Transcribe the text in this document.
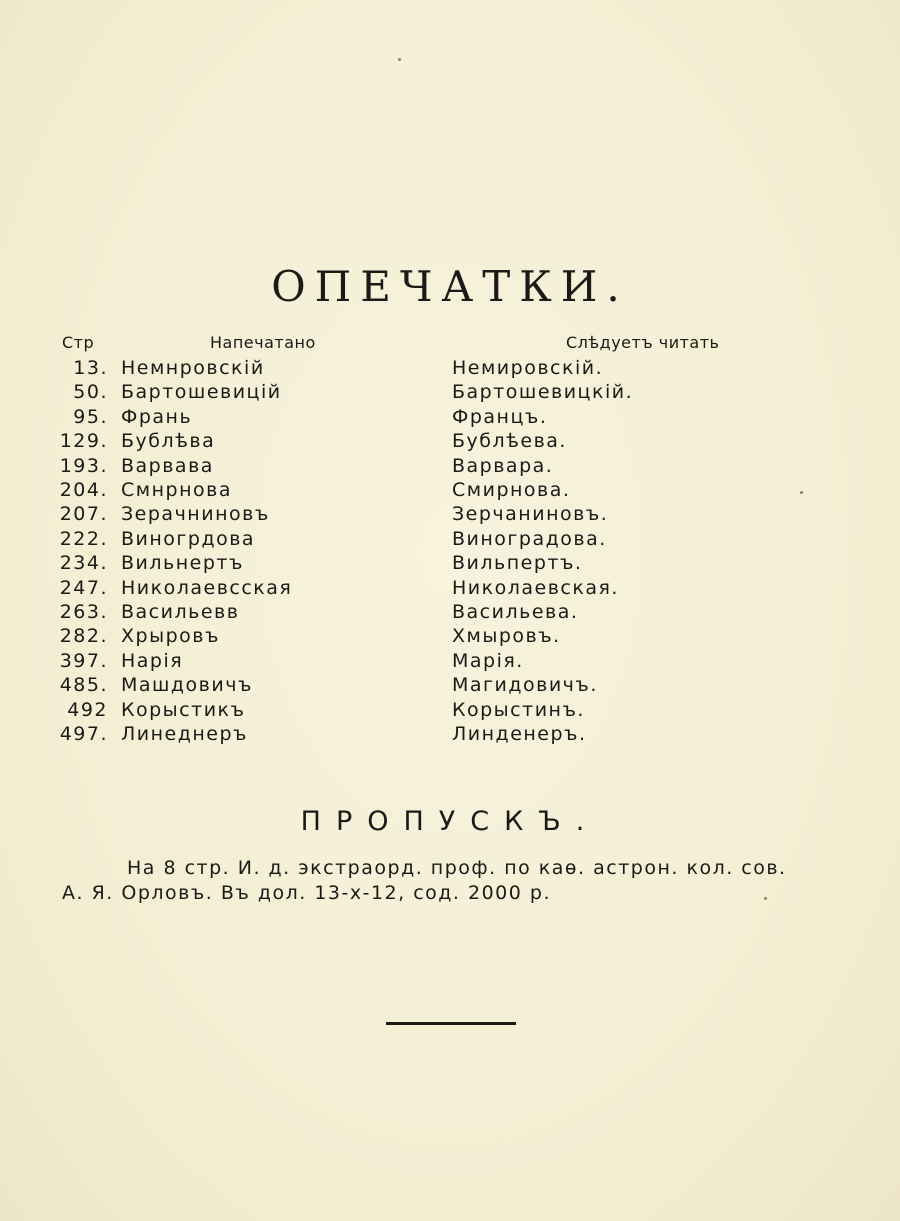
ОПЕЧАТКИ.
Стр	Напечатано	Слѣдуетъ читать
13. Немнровскій	Немировскій.
50. Бартошевицій	Бартошевицкій.
95. Франь	Францъ.
129. Бублѣва	Бублѣева.
193. Варвава	Варвара.
204. Смнрнова	Смирнова.
207. Зерачниновъ	Зерчаниновъ.
222. Виногрдова	Виноградова.
234. Вильнертъ	Вильпертъ.
247. Николаевсская	Николаевская.
263. Васильевв	Васильева.
282. Хрыровъ	Хмыровъ.
397. Нарія	Марія.
485. Машдовичъ	Магидовичъ.
492 Корыстикъ	Корыстинъ.
497. Линеднеръ	Линденеръ.
ПРОПУСКЪ.
На 8 стр. И. д. экстраорд. проф. по каѳ. астрон. кол. сов.
А. Я. Орловъ. Въ дол. 13-х-12, сод. 2000 р.
